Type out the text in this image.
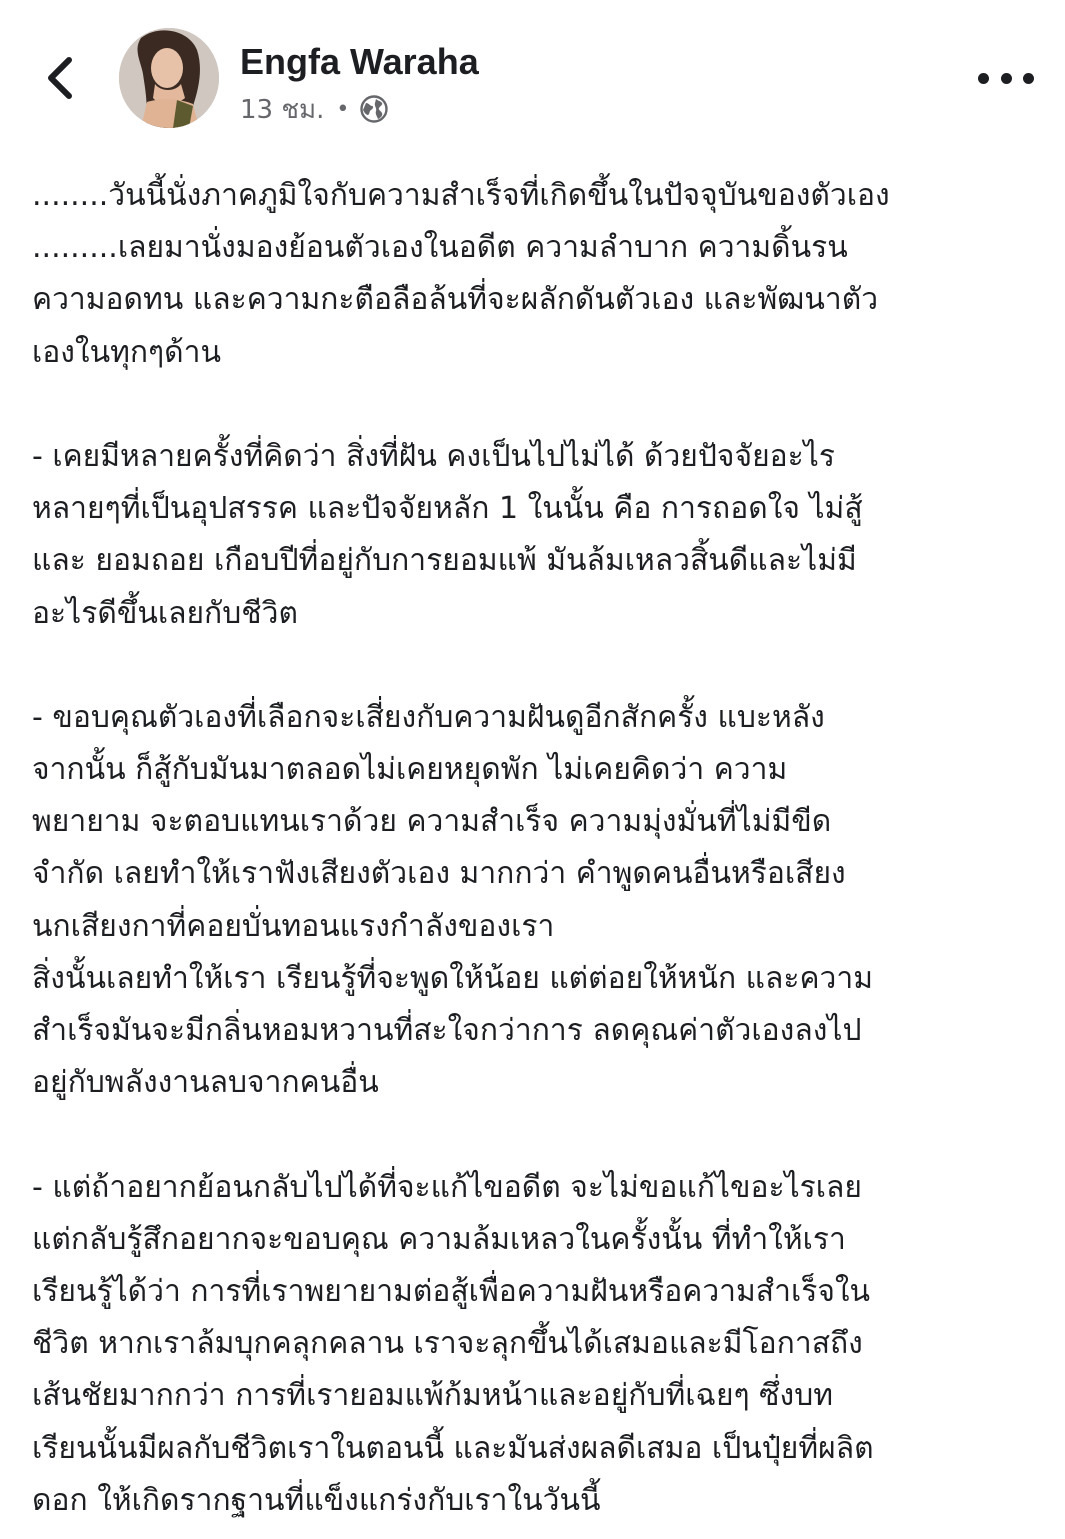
Engfa Waraha
13 ชม. •
........วันนี้นั่งภาคภูมิใจกับความสำเร็จที่เกิดขึ้นในปัจจุบันของตัวเอง
.........เลยมานั่งมองย้อนตัวเองในอดีต ความลำบาก ความดิ้นรน
ความอดทน และความกะตือลือล้นที่จะผลักดันตัวเอง และพัฒนาตัว
เองในทุกๆด้าน
- เคยมีหลายครั้งที่คิดว่า สิ่งที่ฝัน คงเป็นไปไม่ได้ ด้วยปัจจัยอะไร
หลายๆที่เป็นอุปสรรค และปัจจัยหลัก 1 ในนั้น คือ การถอดใจ ไม่สู้
และ ยอมถอย เกือบปีที่อยู่กับการยอมแพ้ มันล้มเหลวสิ้นดีและไม่มี
อะไรดีขึ้นเลยกับชีวิต
- ขอบคุณตัวเองที่เลือกจะเสี่ยงกับความฝันดูอีกสักครั้ง แบะหลัง
จากนั้น ก็สู้กับมันมาตลอดไม่เคยหยุดพัก ไม่เคยคิดว่า ความ
พยายาม จะตอบแทนเราด้วย ความสำเร็จ ความมุ่งมั่นที่ไม่มีขีด
จำกัด เลยทำให้เราฟังเสียงตัวเอง มากกว่า คำพูดคนอื่นหรือเสียง
นกเสียงกาที่คอยบั่นทอนแรงกำลังของเรา
สิ่งนั้นเลยทำให้เรา เรียนรู้ที่จะพูดให้น้อย แต่ต่อยให้หนัก และความ
สำเร็จมันจะมีกลิ่นหอมหวานที่สะใจกว่าการ ลดคุณค่าตัวเองลงไป
อยู่กับพลังงานลบจากคนอื่น
- แต่ถ้าอยากย้อนกลับไปได้ที่จะแก้ไขอดีต จะไม่ขอแก้ไขอะไรเลย
แต่กลับรู้สึกอยากจะขอบคุณ ความล้มเหลวในครั้งนั้น ที่ทำให้เรา
เรียนรู้ได้ว่า การที่เราพยายามต่อสู้เพื่อความฝันหรือความสำเร็จใน
ชีวิต หากเราล้มบุกคลุกคลาน เราจะลุกขึ้นได้เสมอและมีโอกาสถึง
เส้นชัยมากกว่า การที่เรายอมแพ้ก้มหน้าและอยู่กับที่เฉยๆ ซึ่งบท
เรียนนั้นมีผลกับชีวิตเราในตอนนี้ และมันส่งผลดีเสมอ เป็นปุ๋ยที่ผลิต
ดอก ให้เกิดรากฐานที่แข็งแกร่งกับเราในวันนี้
